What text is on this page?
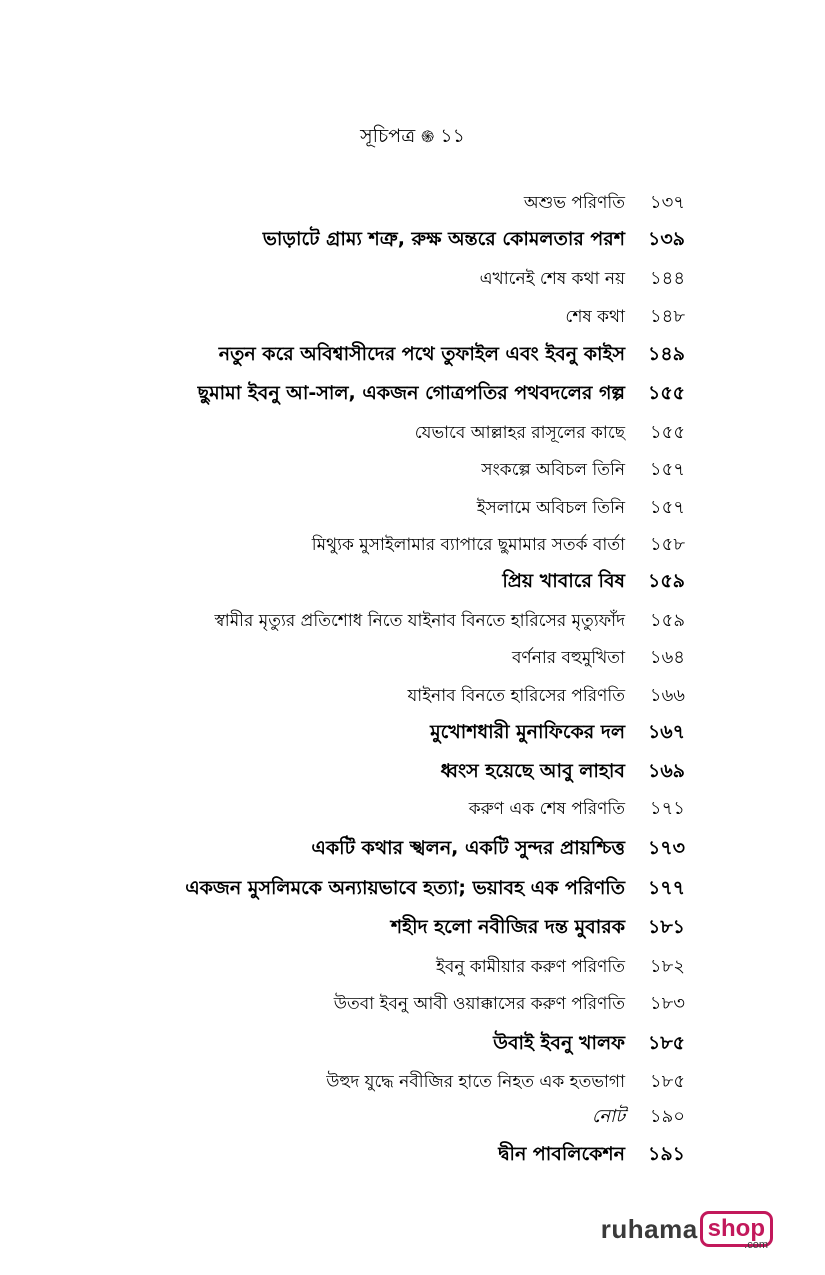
সূচিপত্র ֍ ১১
অশুভ পরিণতি	১৩৭
ভাড়াটে গ্রাম্য শত্রু, রুক্ষ অন্তরে কোমলতার পরশ	১৩৯
এখানেই শেষ কথা নয়	১৪৪
শেষ কথা	১৪৮
নতুন করে অবিশ্বাসীদের পথে তুফাইল এবং ইবনু কাইস	১৪৯
ছুমামা ইবনু আ-সাল, একজন গোত্রপতির পথবদলের গল্প	১৫৫
যেভাবে আল্লাহর রাসূলের কাছে	১৫৫
সংকল্পে অবিচল তিনি	১৫৭
ইসলামে অবিচল তিনি	১৫৭
মিথ্যুক মুসাইলামার ব্যাপারে ছুমামার সতর্ক বার্তা	১৫৮
প্রিয় খাবারে বিষ	১৫৯
স্বামীর মৃত্যুর প্রতিশোধ নিতে যাইনাব বিনতে হারিসের মৃত্যুফাঁদ	১৫৯
বর্ণনার বহুমুখিতা	১৬৪
যাইনাব বিনতে হারিসের পরিণতি	১৬৬
মুখোশধারী মুনাফিকের দল	১৬৭
ধ্বংস হয়েছে আবু লাহাব	১৬৯
করুণ এক শেষ পরিণতি	১৭১
একটি কথার স্খলন, একটি সুন্দর প্রায়শ্চিত্ত	১৭৩
একজন মুসলিমকে অন্যায়ভাবে হত্যা; ভয়াবহ এক পরিণতি	১৭৭
শহীদ হলো নবীজির দন্ত মুবারক	১৮১
ইবনু কামীয়ার করুণ পরিণতি	১৮২
উতবা ইবনু আবী ওয়াক্কাসের করুণ পরিণতি	১৮৩
উবাই ইবনু খালফ	১৮৫
উহুদ যুদ্ধে নবীজির হাতে নিহত এক হতভাগা	১৮৫
নোট	১৯০
দ্বীন পাবলিকেশন	১৯১
ruhama shop
.com
